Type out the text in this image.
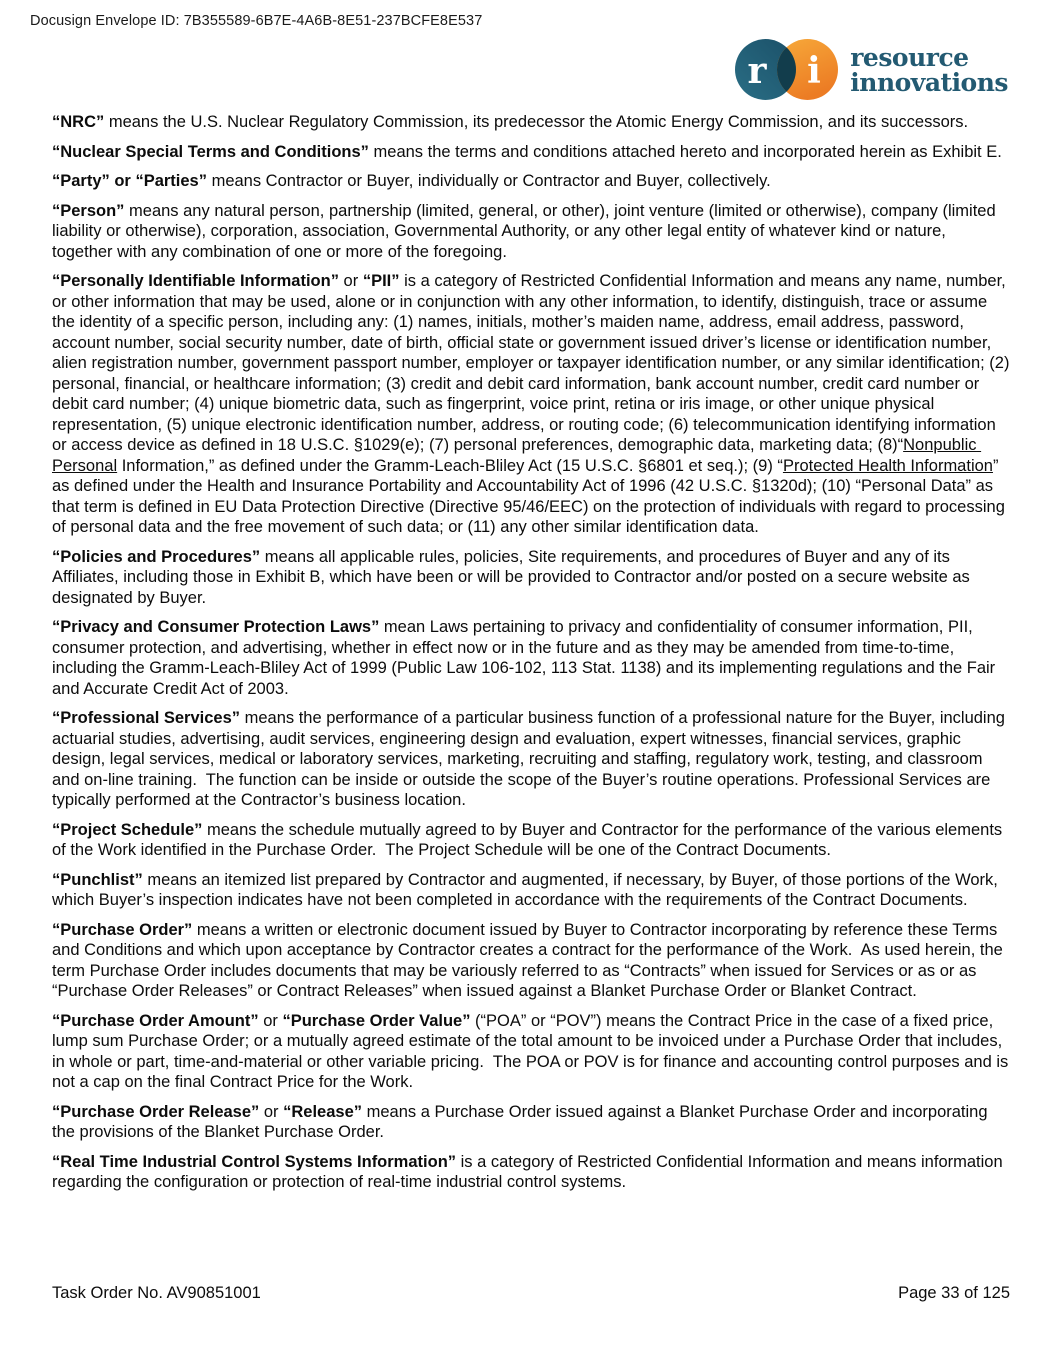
Docusign Envelope ID: 7B355589-6B7E-4A6B-8E51-237BCFE8E537
r i resource
innovations

“NRC” means the U.S. Nuclear Regulatory Commission, its predecessor the Atomic Energy Commission, and its successors.

“Nuclear Special Terms and Conditions” means the terms and conditions attached hereto and incorporated herein as Exhibit E.

“Party” or “Parties” means Contractor or Buyer, individually or Contractor and Buyer, collectively.

“Person” means any natural person, partnership (limited, general, or other), joint venture (limited or otherwise), company (limited liability or otherwise), corporation, association, Governmental Authority, or any other legal entity of whatever kind or nature, together with any combination of one or more of the foregoing.

“Personally Identifiable Information” or “PII” is a category of Restricted Confidential Information and means any name, number, or other information that may be used, alone or in conjunction with any other information, to identify, distinguish, trace or assume the identity of a specific person, including any: (1) names, initials, mother’s maiden name, address, email address, password, account number, social security number, date of birth, official state or government issued driver’s license or identification number, alien registration number, government passport number, employer or taxpayer identification number, or any similar identification; (2) personal, financial, or healthcare information; (3) credit and debit card information, bank account number, credit card number or debit card number; (4) unique biometric data, such as fingerprint, voice print, retina or iris image, or other unique physical representation, (5) unique electronic identification number, address, or routing code; (6) telecommunication identifying information or access device as defined in 18 U.S.C. §1029(e); (7) personal preferences, demographic data, marketing data; (8)“Nonpublic Personal Information,” as defined under the Gramm-Leach-Bliley Act (15 U.S.C. §6801 et seq.); (9) “Protected Health Information” as defined under the Health and Insurance Portability and Accountability Act of 1996 (42 U.S.C. §1320d); (10) “Personal Data” as that term is defined in EU Data Protection Directive (Directive 95/46/EEC) on the protection of individuals with regard to processing of personal data and the free movement of such data; or (11) any other similar identification data.

“Policies and Procedures” means all applicable rules, policies, Site requirements, and procedures of Buyer and any of its Affiliates, including those in Exhibit B, which have been or will be provided to Contractor and/or posted on a secure website as designated by Buyer.

“Privacy and Consumer Protection Laws” mean Laws pertaining to privacy and confidentiality of consumer information, PII, consumer protection, and advertising, whether in effect now or in the future and as they may be amended from time-to-time, including the Gramm-Leach-Bliley Act of 1999 (Public Law 106-102, 113 Stat. 1138) and its implementing regulations and the Fair and Accurate Credit Act of 2003.

“Professional Services” means the performance of a particular business function of a professional nature for the Buyer, including actuarial studies, advertising, audit services, engineering design and evaluation, expert witnesses, financial services, graphic design, legal services, medical or laboratory services, marketing, recruiting and staffing, regulatory work, testing, and classroom and on-line training.  The function can be inside or outside the scope of the Buyer’s routine operations. Professional Services are typically performed at the Contractor’s business location.

“Project Schedule” means the schedule mutually agreed to by Buyer and Contractor for the performance of the various elements of the Work identified in the Purchase Order.  The Project Schedule will be one of the Contract Documents.

“Punchlist” means an itemized list prepared by Contractor and augmented, if necessary, by Buyer, of those portions of the Work, which Buyer’s inspection indicates have not been completed in accordance with the requirements of the Contract Documents.

“Purchase Order” means a written or electronic document issued by Buyer to Contractor incorporating by reference these Terms and Conditions and which upon acceptance by Contractor creates a contract for the performance of the Work.  As used herein, the term Purchase Order includes documents that may be variously referred to as “Contracts” when issued for Services or as or as “Purchase Order Releases” or Contract Releases” when issued against a Blanket Purchase Order or Blanket Contract.

“Purchase Order Amount” or “Purchase Order Value” (“POA” or “POV”) means the Contract Price in the case of a fixed price, lump sum Purchase Order; or a mutually agreed estimate of the total amount to be invoiced under a Purchase Order that includes, in whole or part, time-and-material or other variable pricing.  The POA or POV is for finance and accounting control purposes and is not a cap on the final Contract Price for the Work.

“Purchase Order Release” or “Release” means a Purchase Order issued against a Blanket Purchase Order and incorporating the provisions of the Blanket Purchase Order.

“Real Time Industrial Control Systems Information” is a category of Restricted Confidential Information and means information regarding the configuration or protection of real-time industrial control systems.

Task Order No. AV90851001	Page 33 of 125
